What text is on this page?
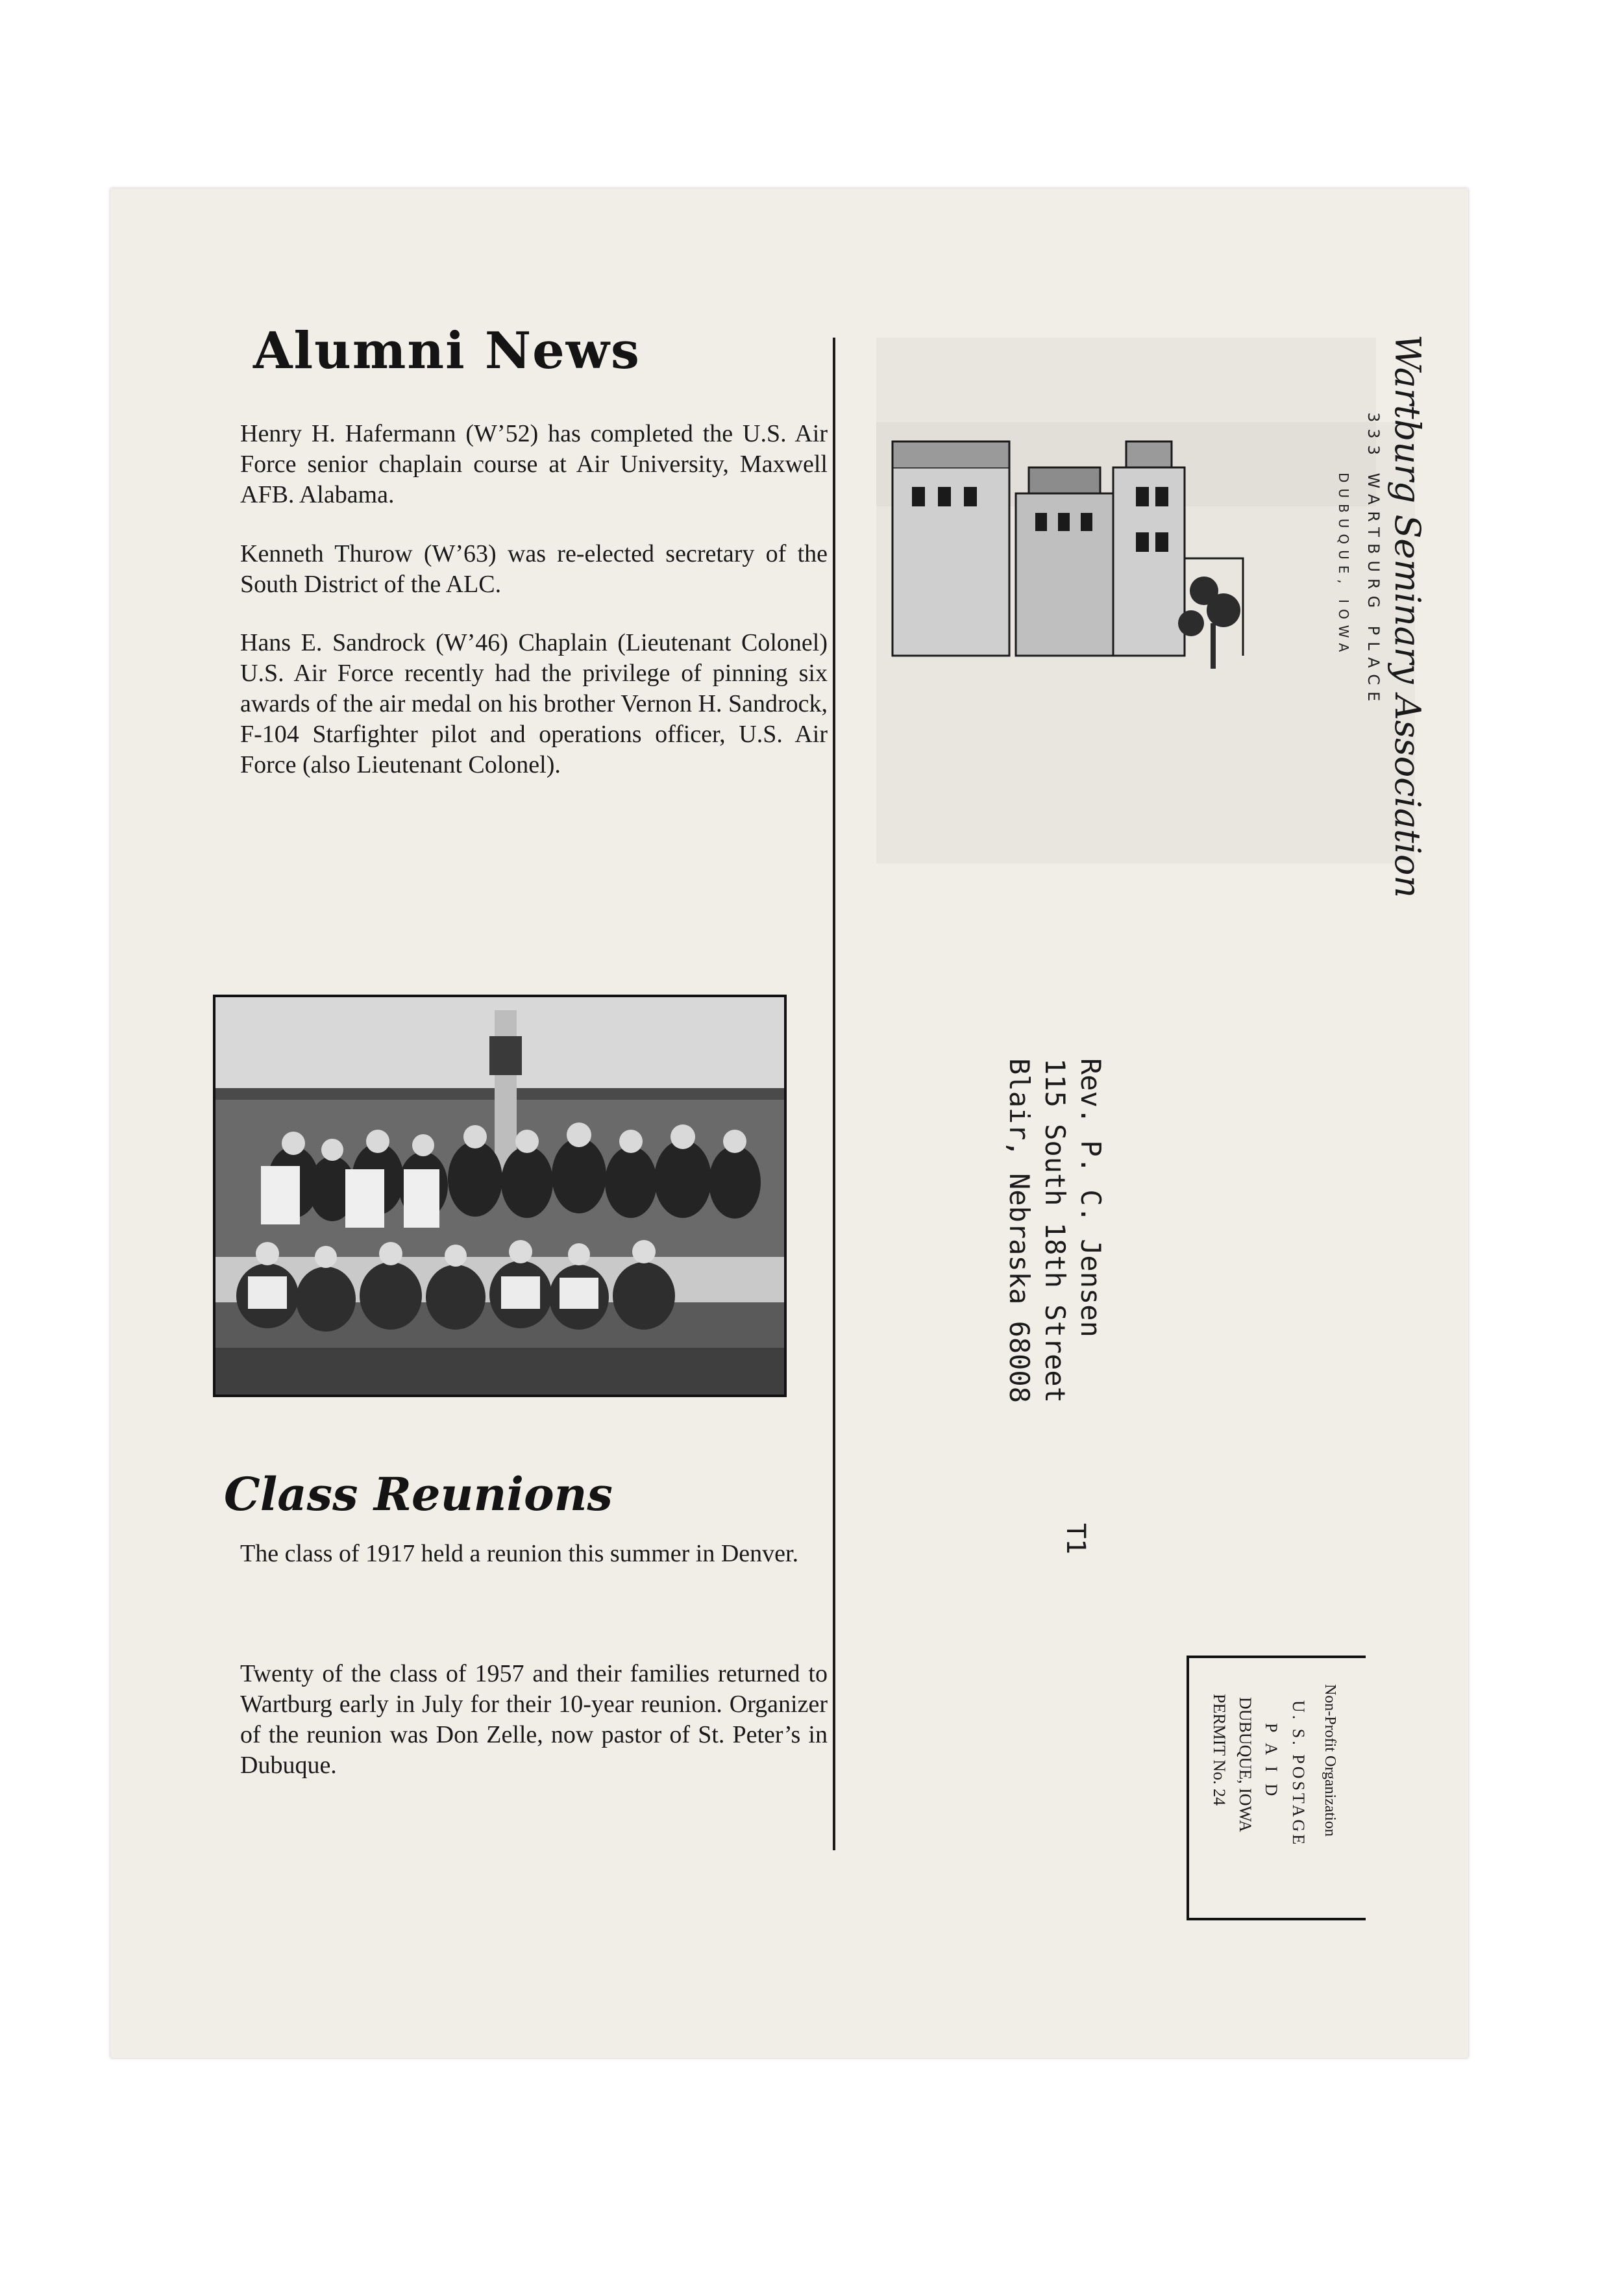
Alumni News

Henry H. Hafermann (W’52) has completed the U.S. Air Force senior chaplain course at Air University, Maxwell AFB. Alabama.

Kenneth Thurow (W’63) was re-elected secretary of the South District of the ALC.

Hans E. Sandrock (W’46) Chaplain (Lieutenant Colonel) U.S. Air Force recently had the privilege of pinning six awards of the air medal on his brother Vernon H. Sandrock, F-104 Starfighter pilot and operations officer, U.S. Air Force (also Lieutenant Colonel).

Class Reunions

The class of 1917 held a reunion this summer in Denver.

Twenty of the class of 1957 and their families returned to Wartburg early in July for their 10-year reunion. Organizer of the reunion was Don Zelle, now pastor of St. Peter’s in Dubuque.

Wartburg Seminary Association
333 WARTBURG PLACE
DUBUQUE, IOWA
Rev. P. C. Jensen
115 South 18th Street
Blair, Nebraska 68008
T1
Non-Profit Organization
U. S. POSTAGE
P A I D
DUBUQUE, IOWA
PERMIT No. 24
